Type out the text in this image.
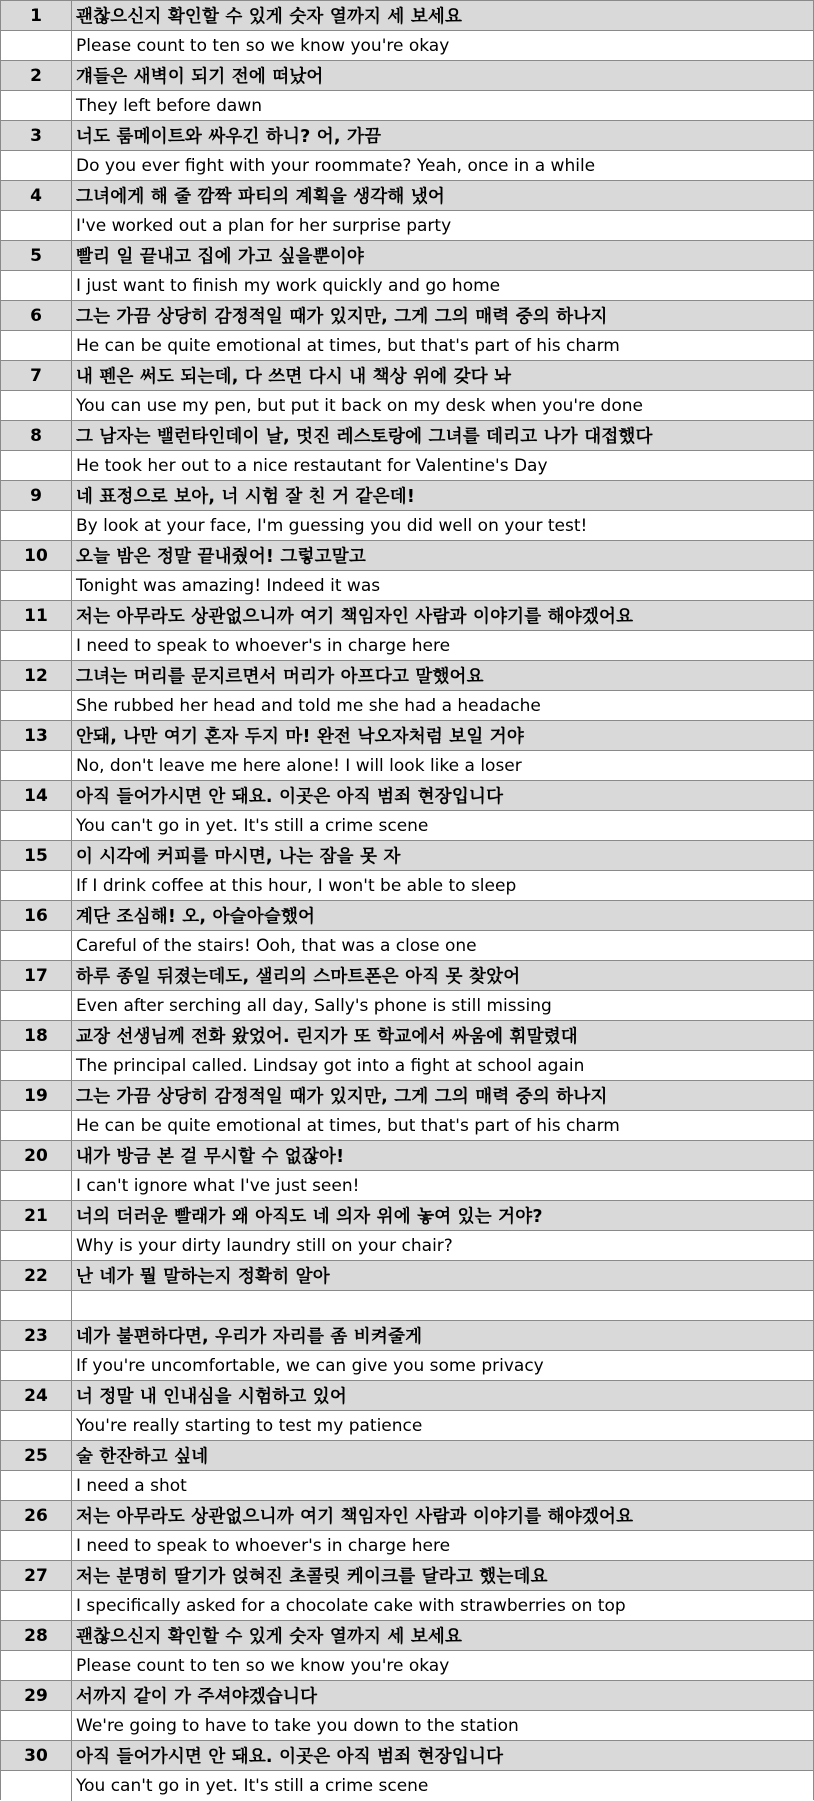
1	괜찮으신지 확인할 수 있게 숫자 열까지 세 보세요
Please count to ten so we know you're okay
2	걔들은 새벽이 되기 전에 떠났어
They left before dawn
3	너도 룸메이트와 싸우긴 하니? 어, 가끔
Do you ever fight with your roommate? Yeah, once in a while
4	그녀에게 해 줄 깜짝 파티의 계획을 생각해 냈어
I've worked out a plan for her surprise party
5	빨리 일 끝내고 집에 가고 싶을뿐이야
I just want to finish my work quickly and go home
6	그는 가끔 상당히 감정적일 때가 있지만, 그게 그의 매력 중의 하나지
He can be quite emotional at times, but that's part of his charm
7	내 펜은 써도 되는데, 다 쓰면 다시 내 책상 위에 갖다 놔
You can use my pen, but put it back on my desk when you're done
8	그 남자는 밸런타인데이 날, 멋진 레스토랑에 그녀를 데리고 나가 대접했다
He took her out to a nice restautant for Valentine's Day
9	네 표정으로 보아, 너 시험 잘 친 거 같은데!
By look at your face, I'm guessing you did well on your test!
10	오늘 밤은 정말 끝내줬어! 그렇고말고
Tonight was amazing! Indeed it was
11	저는 아무라도 상관없으니까 여기 책임자인 사람과 이야기를 해야겠어요
I need to speak to whoever's in charge here
12	그녀는 머리를 문지르면서 머리가 아프다고 말했어요
She rubbed her head and told me she had a headache
13	안돼, 나만 여기 혼자 두지 마! 완전 낙오자처럼 보일 거야
No, don't leave me here alone! I will look like a loser
14	아직 들어가시면 안 돼요. 이곳은 아직 범죄 현장입니다
You can't go in yet. It's still a crime scene
15	이 시각에 커피를 마시면, 나는 잠을 못 자
If I drink coffee at this hour, I won't be able to sleep
16	계단 조심해! 오, 아슬아슬했어
Careful of the stairs! Ooh, that was a close one
17	하루 종일 뒤졌는데도, 샐리의 스마트폰은 아직 못 찾았어
Even after serching all day, Sally's phone is still missing
18	교장 선생님께 전화 왔었어. 린지가 또 학교에서 싸움에 휘말렸대
The principal called. Lindsay got into a fight at school again
19	그는 가끔 상당히 감정적일 때가 있지만, 그게 그의 매력 중의 하나지
He can be quite emotional at times, but that's part of his charm
20	내가 방금 본 걸 무시할 수 없잖아!
I can't ignore what I've just seen!
21	너의 더러운 빨래가 왜 아직도 네 의자 위에 놓여 있는 거야?
Why is your dirty laundry still on your chair?
22	난 네가 뭘 말하는지 정확히 알아
23	네가 불편하다면, 우리가 자리를 좀 비켜줄게
If you're uncomfortable, we can give you some privacy
24	너 정말 내 인내심을 시험하고 있어
You're really starting to test my patience
25	술 한잔하고 싶네
I need a shot
26	저는 아무라도 상관없으니까 여기 책임자인 사람과 이야기를 해야겠어요
I need to speak to whoever's in charge here
27	저는 분명히 딸기가 얹혀진 초콜릿 케이크를 달라고 했는데요
I specifically asked for a chocolate cake with strawberries on top
28	괜찮으신지 확인할 수 있게 숫자 열까지 세 보세요
Please count to ten so we know you're okay
29	서까지 같이 가 주셔야겠습니다
We're going to have to take you down to the station
30	아직 들어가시면 안 돼요. 이곳은 아직 범죄 현장입니다
You can't go in yet. It's still a crime scene
